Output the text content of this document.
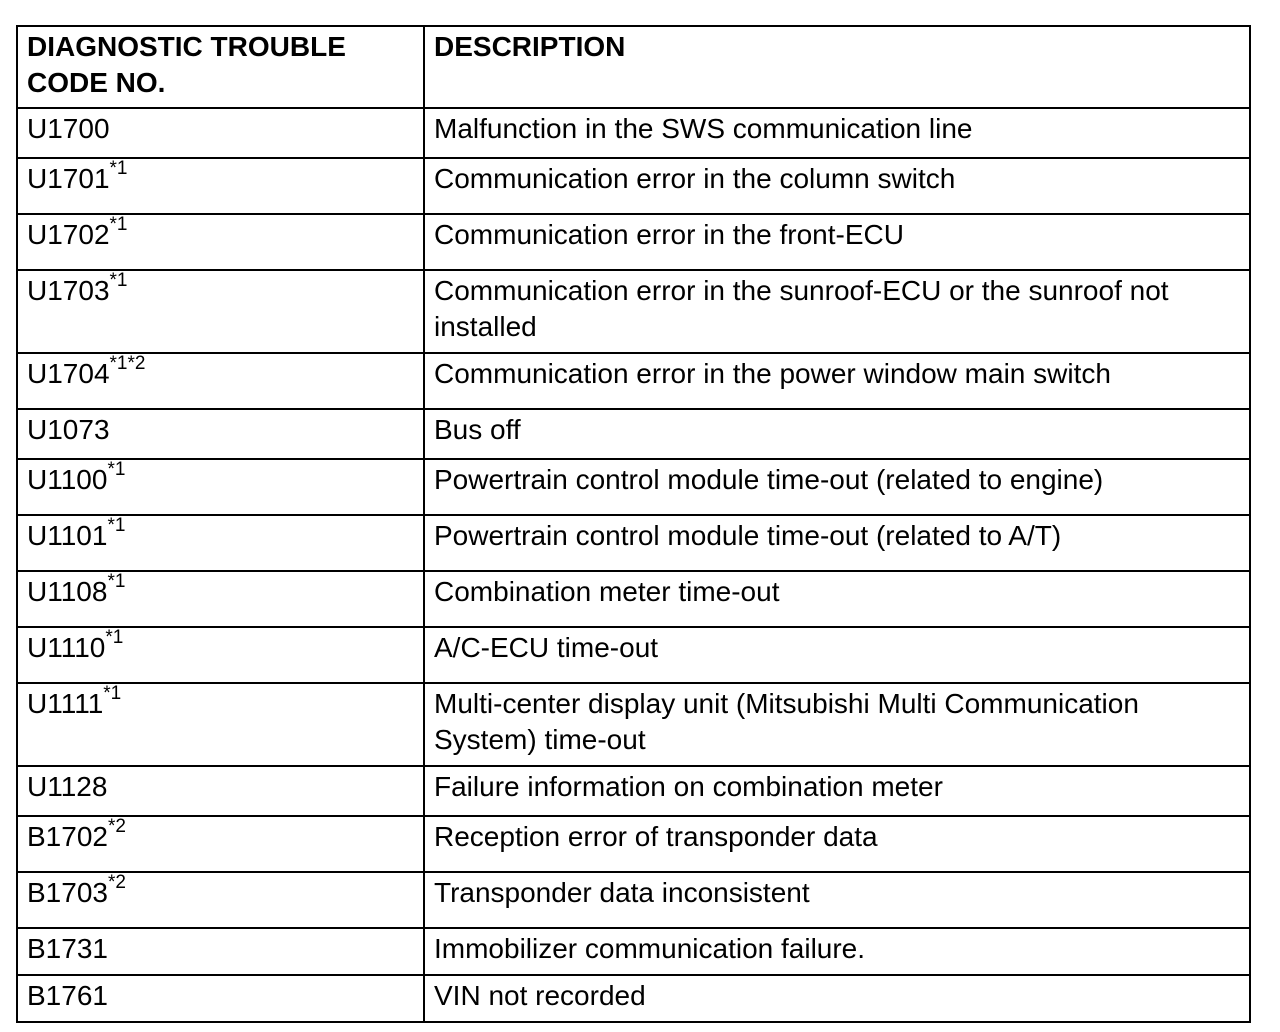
DIAGNOSTIC TROUBLE CODE NO.	DESCRIPTION
U1700	Malfunction in the SWS communication line
U1701$^{*1}$	Communication error in the column switch
U1702$^{*1}$	Communication error in the front-ECU
U1703$^{*1}$	Communication error in the sunroof-ECU or the sunroof not installed
$U1704^{*1*2}$	Communication error in the power window main switch
U1073	Bus off
U1100$^{*1}$	Powertrain control module time-out (related to engine)
U1101$^{*1}$	Powertrain control module time-out (related to A/T)
U1108$^{*1}$	Combination meter time-out
U1110$^{*1}$	A/C-ECU time-out
U1111$^{*1}$	Multi-center display unit (Mitsubishi Multi Communication System) time-out
U1128	Failure information on combination meter
B1702$^{*2}$	Reception error of transponder data
B1703$^{*2}$	Transponder data inconsistent
B1731	Immobilizer communication failure.
B1761	VIN not recorded
